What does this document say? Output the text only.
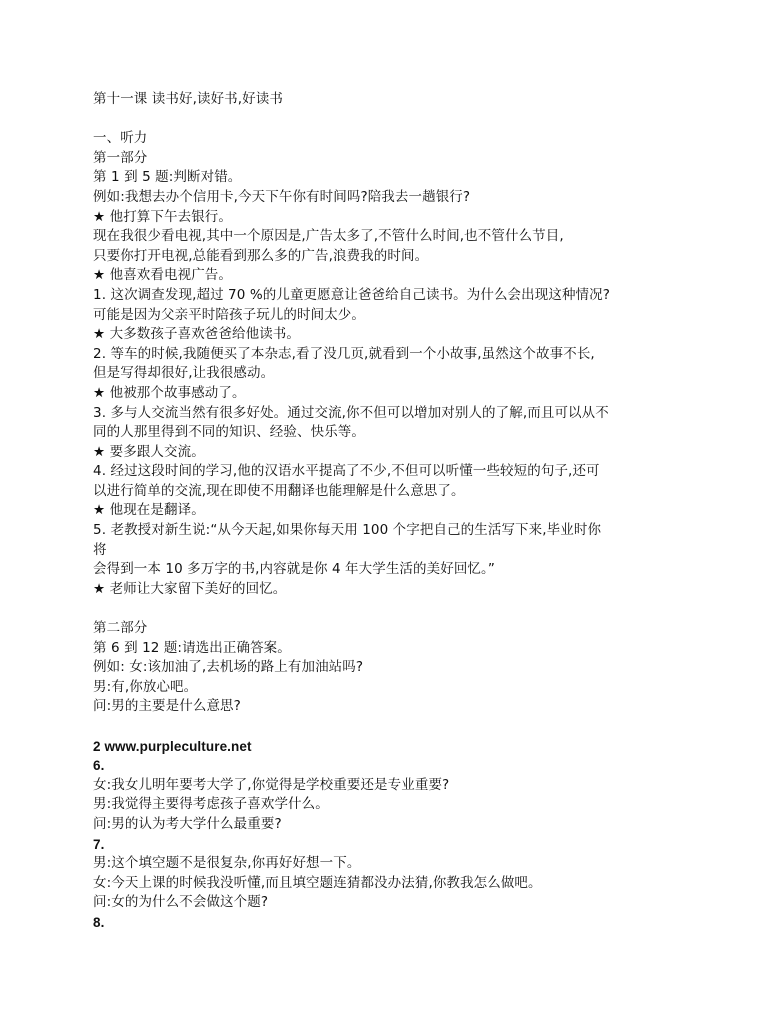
第十一课 读书好,读好书,好读书
一、听力
第一部分
第 1 到 5 题:判断对错。
例如:我想去办个信用卡,今天下午你有时间吗?陪我去一趟银行?
★ 他打算下午去银行。
现在我很少看电视,其中一个原因是,广告太多了,不管什么时间,也不管什么节目,
只要你打开电视,总能看到那么多的广告,浪费我的时间。
★ 他喜欢看电视广告。
1. 这次调查发现,超过 70 %的儿童更愿意让爸爸给自己读书。为什么会出现这种情况?
可能是因为父亲平时陪孩子玩儿的时间太少。
★ 大多数孩子喜欢爸爸给他读书。
2. 等车的时候,我随便买了本杂志,看了没几页,就看到一个小故事,虽然这个故事不长,
但是写得却很好,让我很感动。
★ 他被那个故事感动了。
3. 多与人交流当然有很多好处。通过交流,你不但可以增加对别人的了解,而且可以从不
同的人那里得到不同的知识、经验、快乐等。
★ 要多跟人交流。
4. 经过这段时间的学习,他的汉语水平提高了不少,不但可以听懂一些较短的句子,还可
以进行简单的交流,现在即使不用翻译也能理解是什么意思了。
★ 他现在是翻译。
5. 老教授对新生说:“从今天起,如果你每天用 100 个字把自己的生活写下来,毕业时你
将
会得到一本 10 多万字的书,内容就是你 4 年大学生活的美好回忆。”
★ 老师让大家留下美好的回忆。
第二部分
第 6 到 12 题:请选出正确答案。
例如: 女:该加油了,去机场的路上有加油站吗?
男:有,你放心吧。
问:男的主要是什么意思?
2 www.purpleculture.net
6.
女:我女儿明年要考大学了,你觉得是学校重要还是专业重要?
男:我觉得主要得考虑孩子喜欢学什么。
问:男的认为考大学什么最重要?
7.
男:这个填空题不是很复杂,你再好好想一下。
女:今天上课的时候我没听懂,而且填空题连猜都没办法猜,你教我怎么做吧。
问:女的为什么不会做这个题?
8.
